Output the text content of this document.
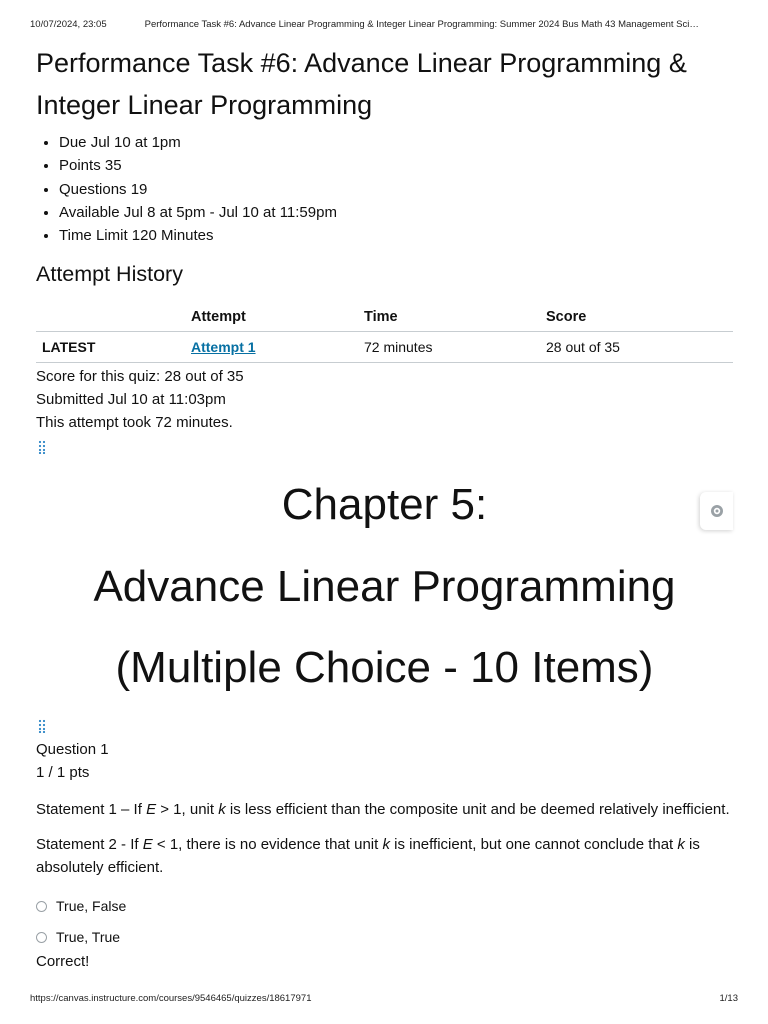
10/07/2024, 23:05	Performance Task #6: Advance Linear Programming & Integer Linear Programming: Summer 2024 Bus Math 43 Management Sci…
Performance Task #6: Advance Linear Programming & Integer Linear Programming
• Due Jul 10 at 1pm
• Points 35
• Questions 19
• Available Jul 8 at 5pm - Jul 10 at 11:59pm
• Time Limit 120 Minutes
Attempt History
	Attempt	Time	Score
LATEST	Attempt 1	72 minutes	28 out of 35
Score for this quiz: 28 out of 35
Submitted Jul 10 at 11:03pm
This attempt took 72 minutes.
Chapter 5:
Advance Linear Programming
(Multiple Choice - 10 Items)
Question 1
1 / 1 pts

Statement 1 – If E > 1, unit k is less efficient than the composite unit and be deemed relatively inefficient.

Statement 2 - If E < 1, there is no evidence that unit k is inefficient, but one cannot conclude that k is absolutely efficient.

True, False
True, True
Correct!
https://canvas.instructure.com/courses/9546465/quizzes/18617971	1/13
